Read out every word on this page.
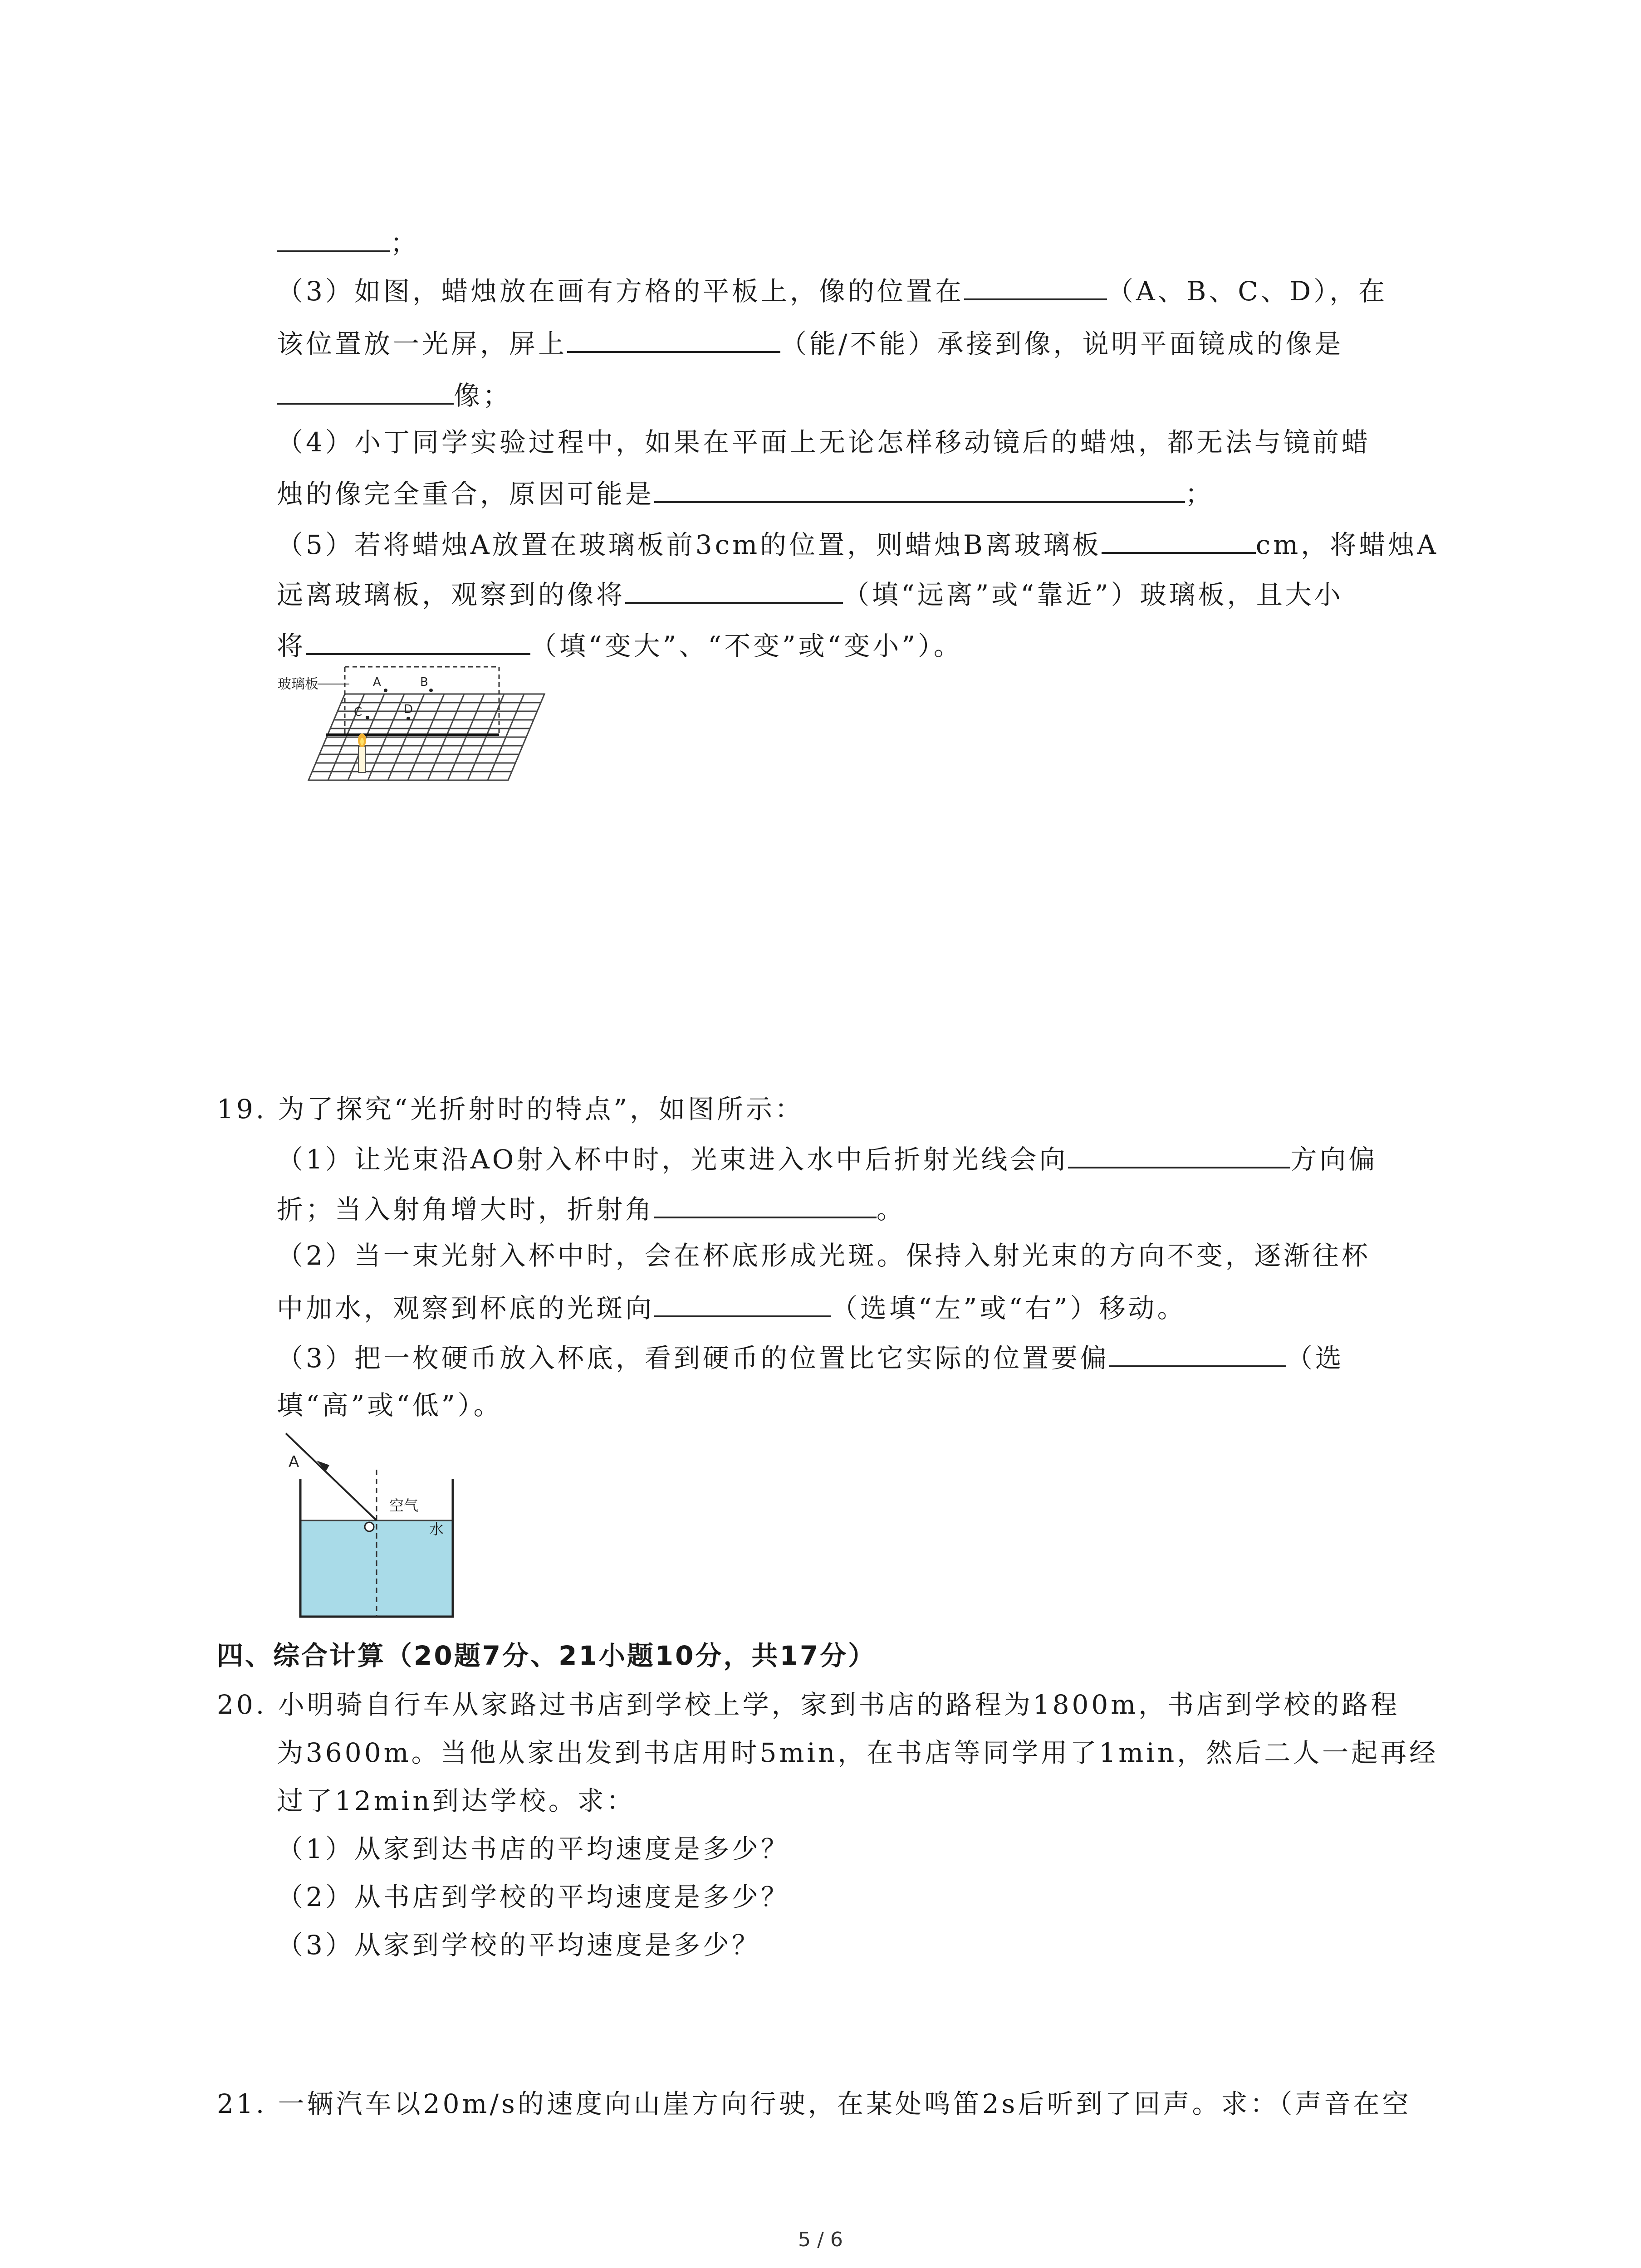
；
（3）如图，蜡烛放在画有方格的平板上，像的位置在	（A、B、C、D），在
该位置放一光屏，屏上	（能/不能）承接到像，说明平面镜成的像是
像；
（4）小丁同学实验过程中，如果在平面上无论怎样移动镜后的蜡烛，都无法与镜前蜡
烛的像完全重合，原因可能是	；
（5）若将蜡烛A放置在玻璃板前3cm的位置，则蜡烛B离玻璃板	cm，将蜡烛A
远离玻璃板，观察到的像将	（填“远离”或“靠近”）玻璃板，且大小
将	（填“变大”、“不变”或“变小”）。
玻璃板	A	B
C	D
19. 为了探究“光折射时的特点”，如图所示：
（1）让光束沿AO射入杯中时，光束进入水中后折射光线会向	方向偏
折；当入射角增大时，折射角	。
（2）当一束光射入杯中时，会在杯底形成光斑。保持入射光束的方向不变，逐渐往杯
中加水，观察到杯底的光斑向	（选填“左”或“右”）移动。
（3）把一枚硬币放入杯底，看到硬币的位置比它实际的位置要偏	（选
填“高”或“低”）。
A
空气
水
四、综合计算（20题7分、21小题10分，共17分）
20. 小明骑自行车从家路过书店到学校上学，家到书店的路程为1800m，书店到学校的路程
为3600m。当他从家出发到书店用时5min，在书店等同学用了1min，然后二人一起再经
过了12min到达学校。求：
（1）从家到达书店的平均速度是多少？
（2）从书店到学校的平均速度是多少？
（3）从家到学校的平均速度是多少？
21. 一辆汽车以20m/s的速度向山崖方向行驶，在某处鸣笛2s后听到了回声。求：（声音在空
5 / 6
